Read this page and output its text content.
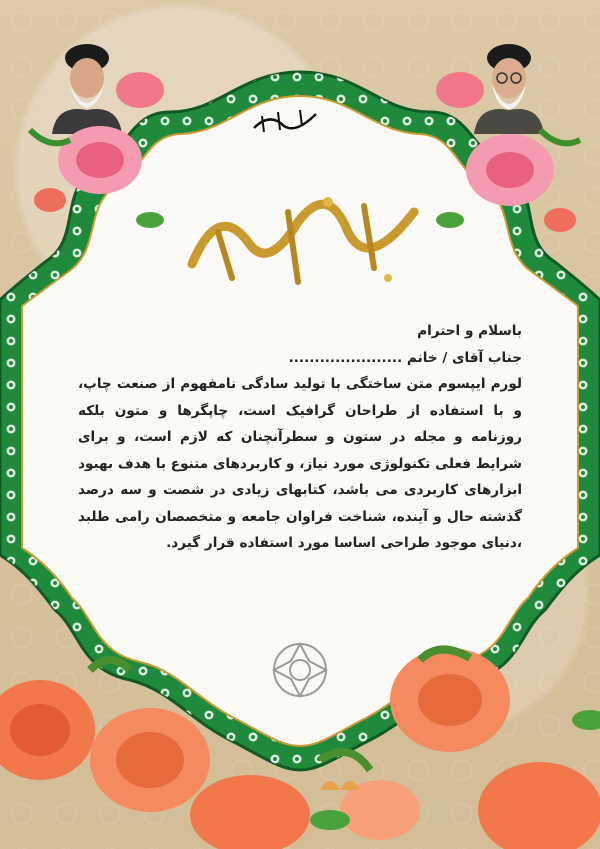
باسلام و احترام
جناب آقای / خانم ......................

لورم ایپسوم متن ساختگی با تولید سادگی نامفهوم از صنعت چاپ، و با استفاده از طراحان گرافیک است، چاپگرها و متون بلکه روزنامه و مجله در ستون و سطرآنچنان که لازم است، و برای شرایط فعلی تکنولوژی مورد نیاز، و کاربردهای متنوع با هدف بهبود ابزارهای کاربردی می باشد، کتابهای زیادی در شصت و سه درصد گذشته حال و آینده، شناخت فراوان جامعه و متخصصان رامی طلبد ،دنیای موجود طراحی اساسا مورد استفاده قرار گیرد.
